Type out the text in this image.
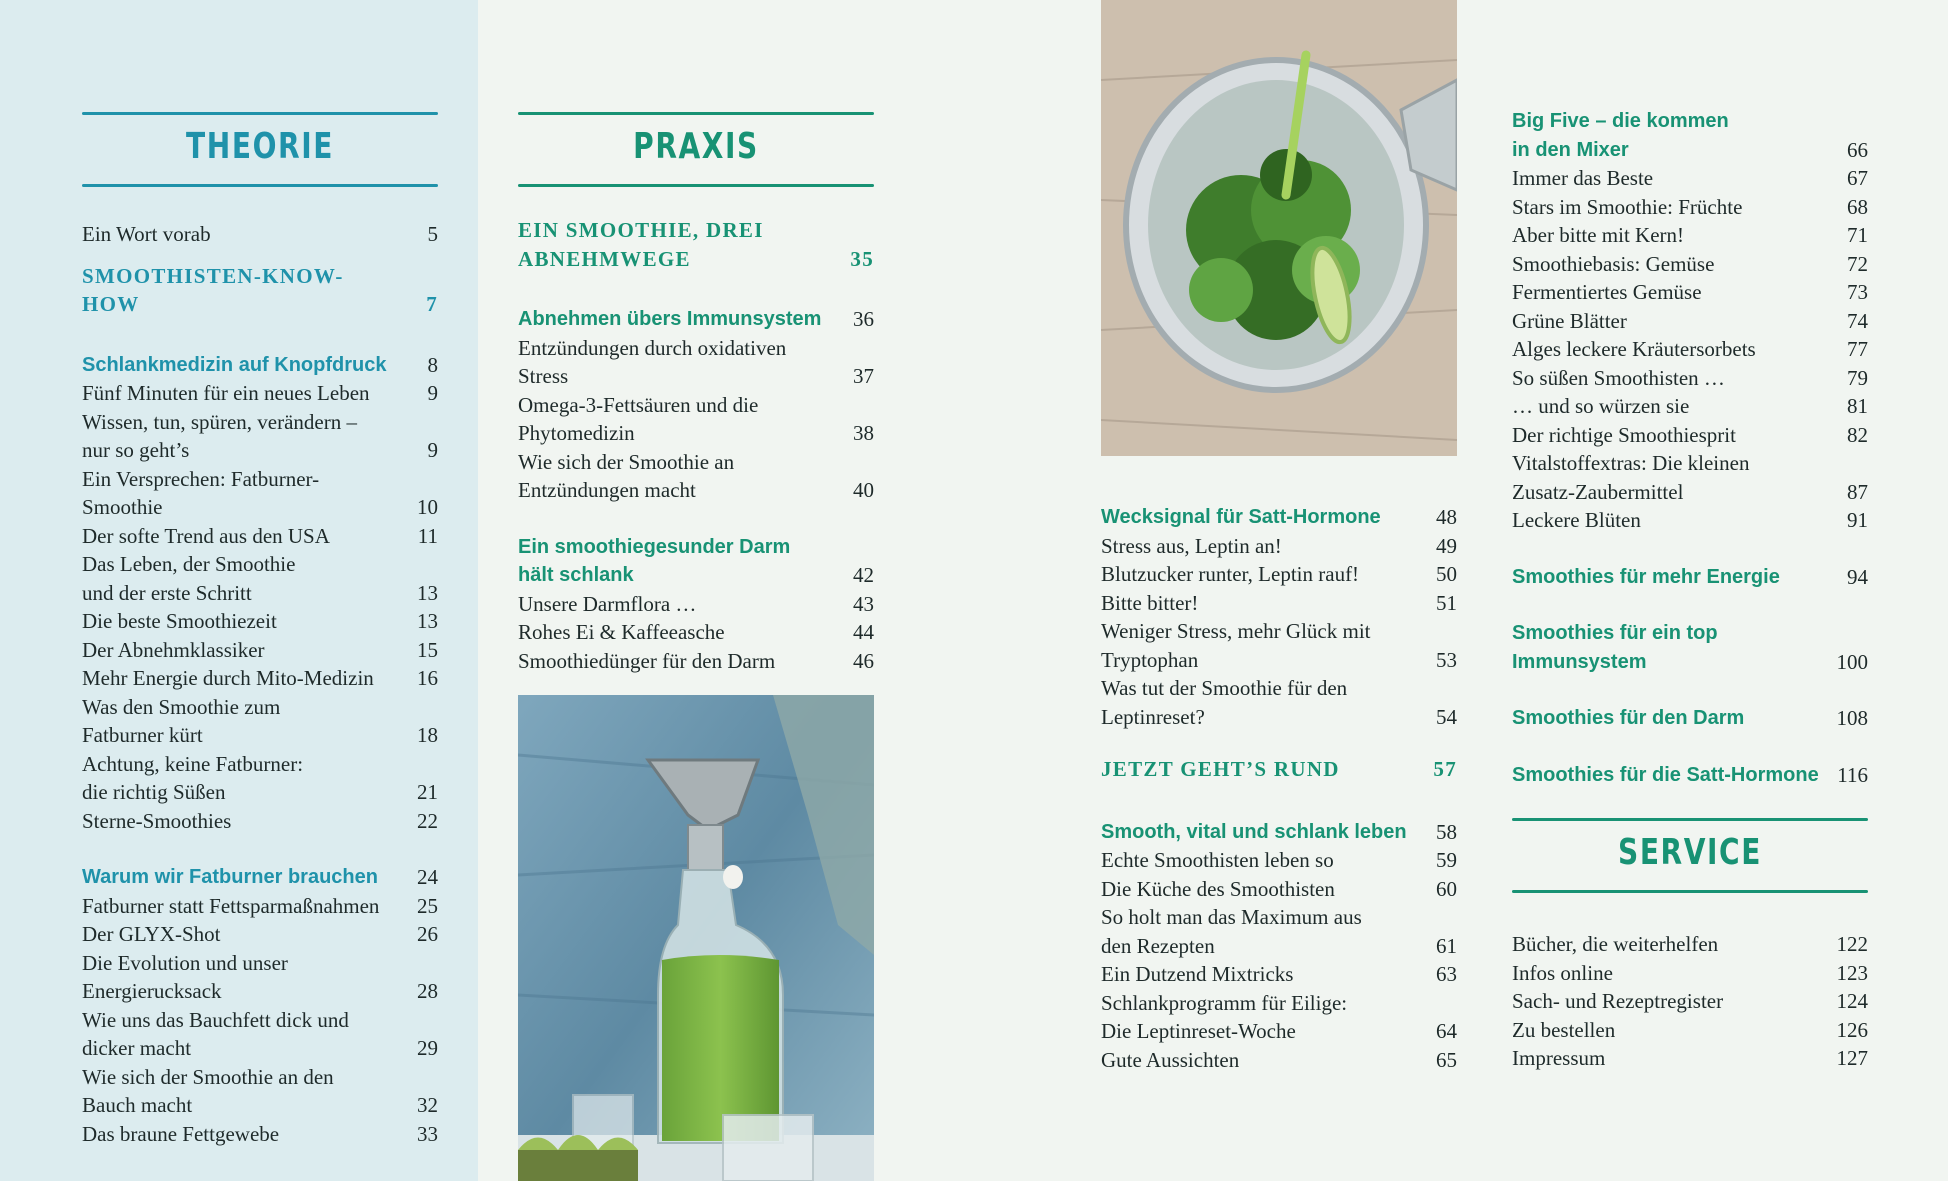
THEORIE
Ein Wort vorab	5
SMOOTHISTEN-KNOW-HOW	7
Schlankmedizin auf Knopfdruck	8
Fünf Minuten für ein neues Leben	9
Wissen, tun, spüren, verändern –
nur so geht’s	9
Ein Versprechen: Fatburner-Smoothie	10
Der softe Trend aus den USA	11
Das Leben, der Smoothie
und der erste Schritt	13
Die beste Smoothiezeit	13
Der Abnehmklassiker	15
Mehr Energie durch Mito-Medizin	16
Was den Smoothie zum
Fatburner kürt	18
Achtung, keine Fatburner:
die richtig Süßen	21
Sterne-Smoothies	22
Warum wir Fatburner brauchen	24
Fatburner statt Fettsparmaßnahmen	25
Der GLYX-Shot	26
Die Evolution und unser
Energierucksack	28
Wie uns das Bauchfett dick und
dicker macht	29
Wie sich der Smoothie an den
Bauch macht	32
Das braune Fettgewebe	33
PRAXIS
EIN SMOOTHIE, DREI
ABNEHMWEGE	35
Abnehmen übers Immunsystem	36
Entzündungen durch oxidativen Stress	37
Omega-3-Fettsäuren und die
Phytomedizin	38
Wie sich der Smoothie an
Entzündungen macht	40
Ein smoothiegesunder Darm
hält schlank	42
Unsere Darmflora …	43
Rohes Ei & Kaffeeasche	44
Smoothiedünger für den Darm	46
Wecksignal für Satt-Hormone	48
Stress aus, Leptin an!	49
Blutzucker runter, Leptin rauf!	50
Bitte bitter!	51
Weniger Stress, mehr Glück mit
Tryptophan	53
Was tut der Smoothie für den
Leptinreset?	54
JETZT GEHT’S RUND	57
Smooth, vital und schlank leben	58
Echte Smoothisten leben so	59
Die Küche des Smoothisten	60
So holt man das Maximum aus
den Rezepten	61
Ein Dutzend Mixtricks	63
Schlankprogramm für Eilige:
Die Leptinreset-Woche	64
Gute Aussichten	65
Big Five – die kommen
in den Mixer	66
Immer das Beste	67
Stars im Smoothie: Früchte	68
Aber bitte mit Kern!	71
Smoothiebasis: Gemüse	72
Fermentiertes Gemüse	73
Grüne Blätter	74
Alges leckere Kräutersorbets	77
So süßen Smoothisten …	79
… und so würzen sie	81
Der richtige Smoothiesprit	82
Vitalstoffextras: Die kleinen
Zusatz-Zaubermittel	87
Leckere Blüten	91
Smoothies für mehr Energie	94
Smoothies für ein top
Immunsystem	100
Smoothies für den Darm	108
Smoothies für die Satt-Hormone 116
SERVICE
Bücher, die weiterhelfen	122
Infos online	123
Sach- und Rezeptregister	124
Zu bestellen	126
Impressum	127
